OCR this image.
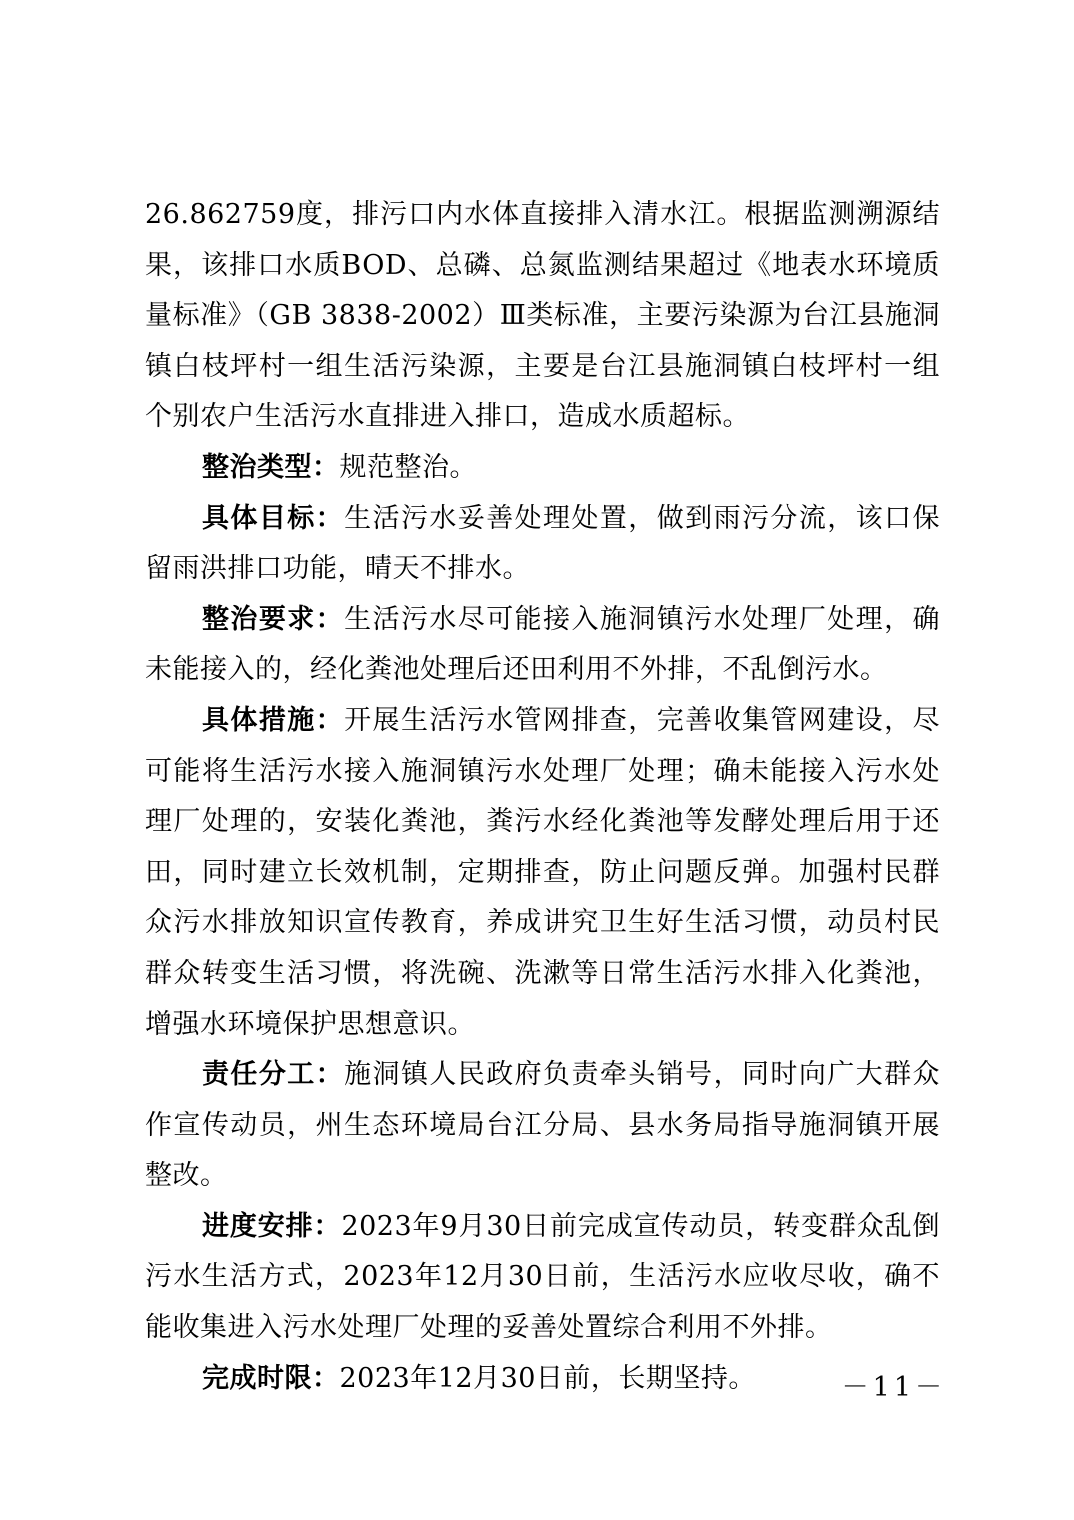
26.862759度，排污口内水体直接排入清水江。根据监测溯源结果，该排口水质BOD、总磷、总氮监测结果超过《地表水环境质量标准》（GB 3838-2002）Ⅲ类标准，主要污染源为台江县施洞镇白枝坪村一组生活污染源，主要是台江县施洞镇白枝坪村一组个别农户生活污水直排进入排口，造成水质超标。

整治类型：规范整治。

具体目标：生活污水妥善处理处置，做到雨污分流，该口保留雨洪排口功能，晴天不排水。

整治要求：生活污水尽可能接入施洞镇污水处理厂处理，确未能接入的，经化粪池处理后还田利用不外排，不乱倒污水。

具体措施：开展生活污水管网排查，完善收集管网建设，尽可能将生活污水接入施洞镇污水处理厂处理；确未能接入污水处理厂处理的，安装化粪池，粪污水经化粪池等发酵处理后用于还田，同时建立长效机制，定期排查，防止问题反弹。加强村民群众污水排放知识宣传教育，养成讲究卫生好生活习惯，动员村民群众转变生活习惯，将洗碗、洗漱等日常生活污水排入化粪池，增强水环境保护思想意识。

责任分工：施洞镇人民政府负责牵头销号，同时向广大群众作宣传动员，州生态环境局台江分局、县水务局指导施洞镇开展整改。

进度安排：2023年9月30日前完成宣传动员，转变群众乱倒污水生活方式，2023年12月30日前，生活污水应收尽收，确不能收集进入污水处理厂处理的妥善处置综合利用不外排。

完成时限：2023年12月30日前，长期坚持。	－11－
